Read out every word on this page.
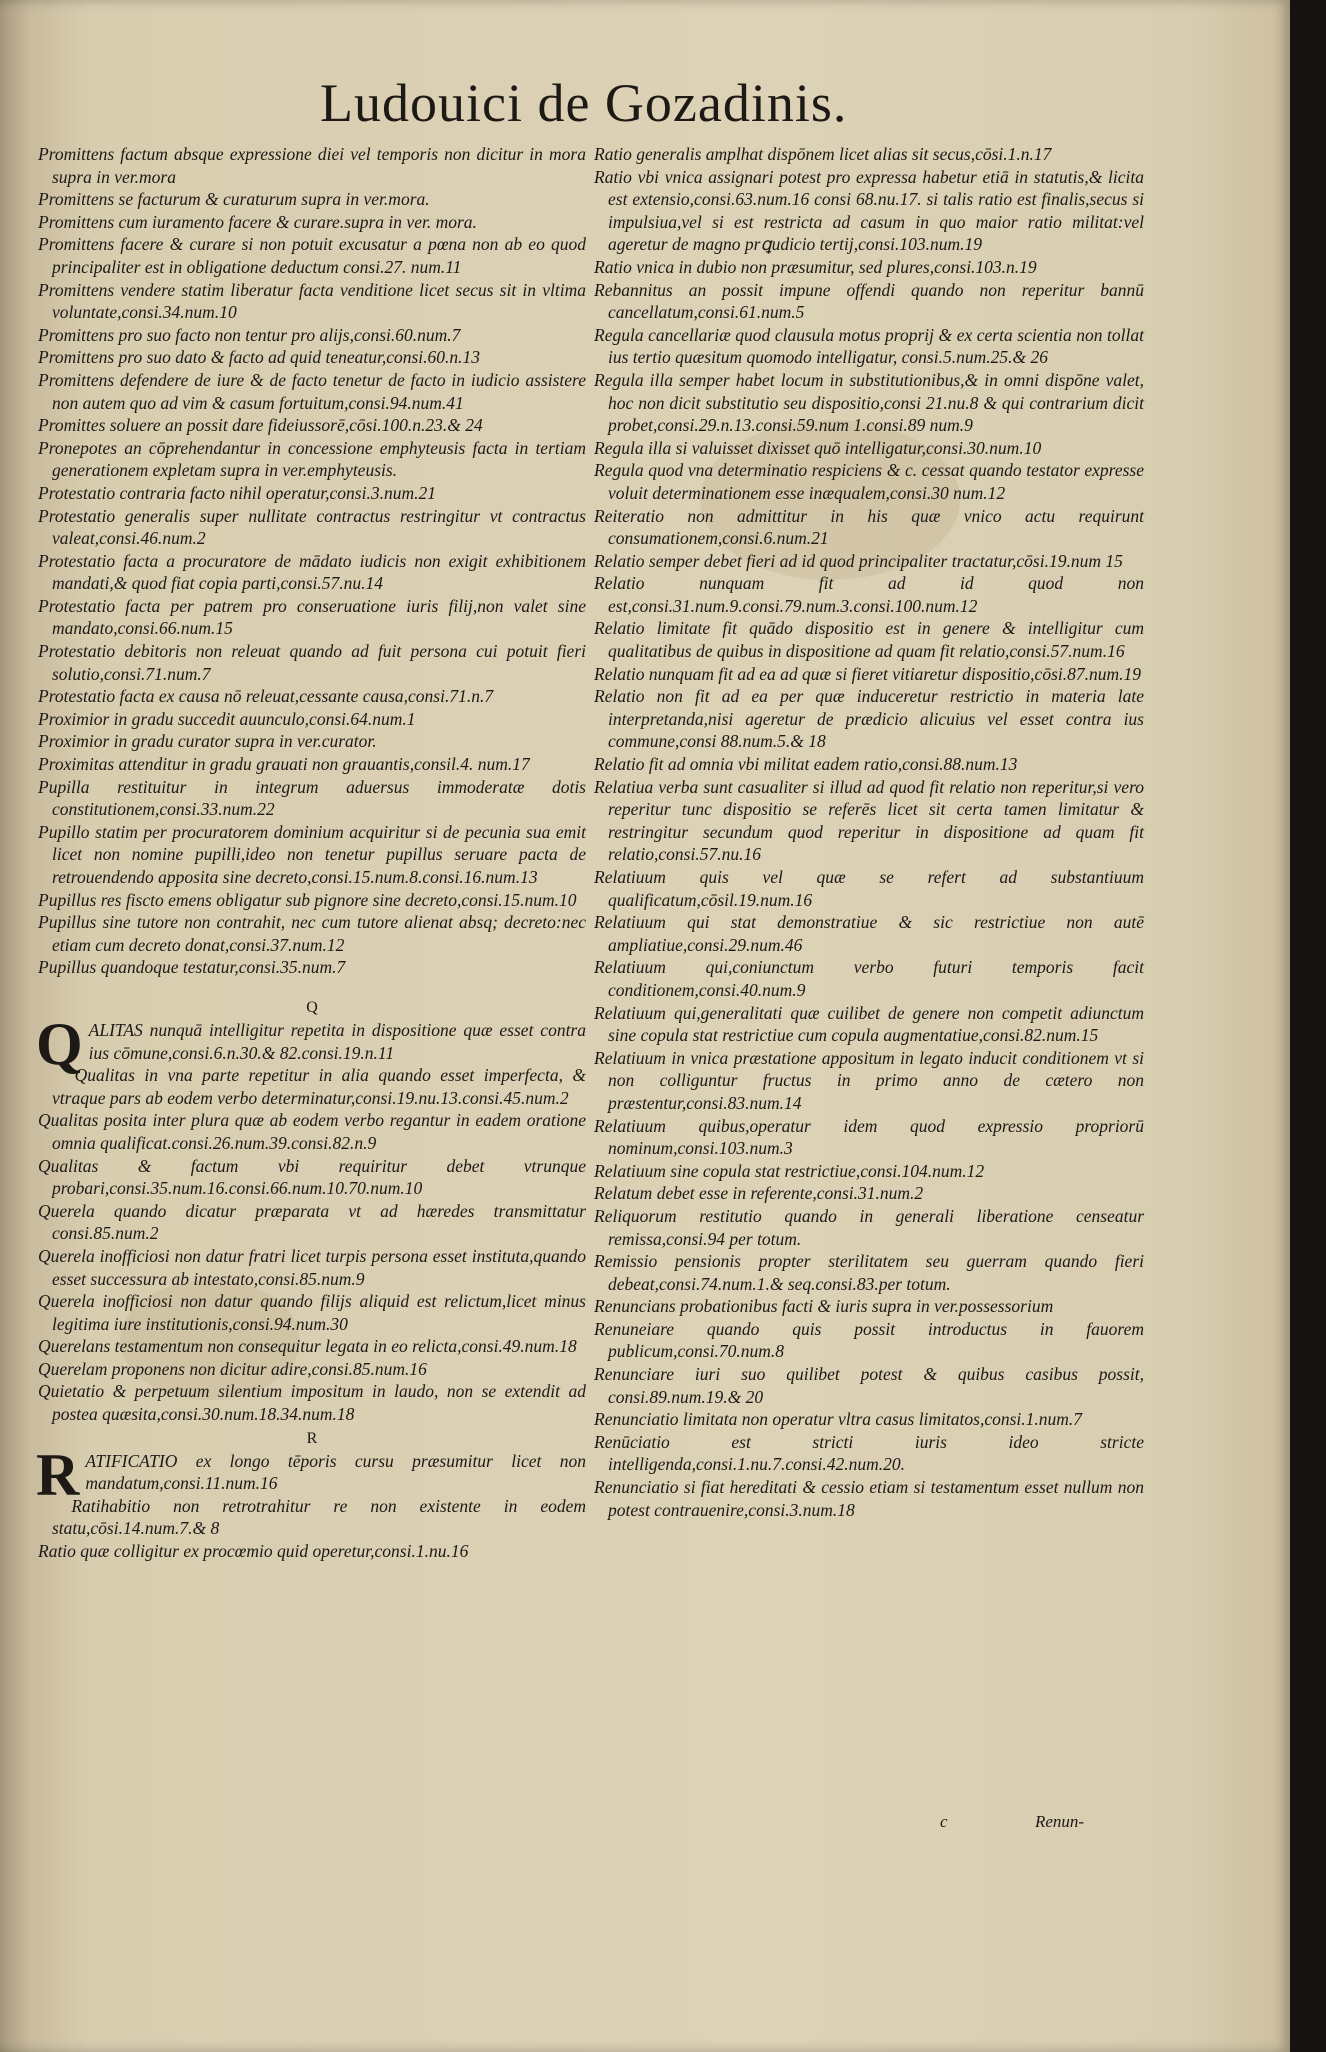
Ludouici de Gozadinis.
Promittens factum absque expressione diei vel temporis non dicitur in mora supra in ver.mora
Promittens se facturum & curaturum supra in ver.mora.
Promittens cum iuramento facere & curare.supra in ver. mora.
Promittens facere & curare si non potuit excusatur a pœna non ab eo quod principaliter est in obligatione deductum consi.27. num.11
Promittens vendere statim liberatur facta venditione licet secus sit in vltima voluntate,consi.34.num.10
Promittens pro suo facto non tentur pro alijs,consi.60.num.7
Promittens pro suo dato & facto ad quid teneatur,consi.60.n.13
Promittens defendere de iure & de facto tenetur de facto in iudicio assistere non autem quo ad vim & casum fortuitum,consi.94.num.41
Promittes soluere an possit dare fideiussorē,cōsi.100.n.23.& 24
Pronepotes an cōprehendantur in concessione emphyteusis facta in tertiam generationem expletam supra in ver.emphyteusis.
Protestatio contraria facto nihil operatur,consi.3.num.21
Protestatio generalis super nullitate contractus restringitur vt contractus valeat,consi.46.num.2
Protestatio facta a procuratore de mādato iudicis non exigit exhibitionem mandati,& quod fiat copia parti,consi.57.nu.14
Protestatio facta per patrem pro conseruatione iuris filij,non valet sine mandato,consi.66.num.15
Protestatio debitoris non releuat quando ad fuit persona cui potuit fieri solutio,consi.71.num.7
Protestatio facta ex causa nō releuat,cessante causa,consi.71.n.7
Proximior in gradu succedit auunculo,consi.64.num.1
Proximior in gradu curator supra in ver.curator.
Proximitas attenditur in gradu grauati non grauantis,consil.4. num.17
Pupilla restituitur in integrum aduersus immoderatæ dotis constitutionem,consi.33.num.22
Pupillo statim per procuratorem dominium acquiritur si de pecunia sua emit licet non nomine pupilli,ideo non tenetur pupillus seruare pacta de retrouendendo apposita sine decreto,consi.15.num.8.consi.16.num.13
Pupillus res fiscto emens obligatur sub pignore sine decreto,consi.15.num.10
Pupillus sine tutore non contrahit, nec cum tutore alienat absq; decreto:nec etiam cum decreto donat,consi.37.num.12
Pupillus quandoque testatur,consi.35.num.7
Q
Q ALITAS nunquā intelligitur repetita in dispositione quæ esset contra ius cōmune,consi.6.n.30.& 82.consi.19.n.11
Qualitas in vna parte repetitur in alia quando esset imperfecta, & vtraque pars ab eodem verbo determinatur,consi.19.nu.13.consi.45.num.2
Qualitas posita inter plura quæ ab eodem verbo regantur in eadem oratione omnia qualificat.consi.26.num.39.consi.82.n.9
Qualitas & factum vbi requiritur debet vtrunque probari,consi.35.num.16.consi.66.num.10.70.num.10
Querela quando dicatur præparata vt ad hæredes transmittatur consi.85.num.2
Querela inofficiosi non datur fratri licet turpis persona esset instituta,quando esset successura ab intestato,consi.85.num.9
Querela inofficiosi non datur quando filijs aliquid est relictum,licet minus legitima iure institutionis,consi.94.num.30
Querelans testamentum non consequitur legata in eo relicta,consi.49.num.18
Querelam proponens non dicitur adire,consi.85.num.16
Quietatio & perpetuum silentium impositum in laudo, non se extendit ad postea quæsita,consi.30.num.18.34.num.18
R
R ATIFICATIO ex longo tēporis cursu præsumitur licet non mandatum,consi.11.num.16
Ratihabitio non retrotrahitur re non existente in eodem statu,cōsi.14.num.7.& 8
Ratio quæ colligitur ex procœmio quid operetur,consi.1.nu.16
Ratio generalis amplhat dispōnem licet alias sit secus,cōsi.1.n.17
Ratio vbi vnica assignari potest pro expressa habetur etiā in statutis,& licita est extensio,consi.63.num.16 consi 68.nu.17. si talis ratio est finalis,secus si impulsiua,vel si est restricta ad casum in quo maior ratio militat:vel ageretur de magno prꝗudicio tertij,consi.103.num.19
Ratio vnica in dubio non præsumitur, sed plures,consi.103.n.19
Rebannitus an possit impune offendi quando non reperitur bannū cancellatum,consi.61.num.5
Regula cancellariæ quod clausula motus proprij & ex certa scientia non tollat ius tertio quæsitum quomodo intelligatur, consi.5.num.25.& 26
Regula illa semper habet locum in substitutionibus,& in omni dispōne valet, hoc non dicit substitutio seu dispositio,consi 21.nu.8 & qui contrarium dicit probet,consi.29.n.13.consi.59.num 1.consi.89 num.9
Regula illa si valuisset dixisset quō intelligatur,consi.30.num.10
Regula quod vna determinatio respiciens & c. cessat quando testator expresse voluit determinationem esse inæqualem,consi.30 num.12
Reiteratio non admittitur in his quæ vnico actu requirunt consumationem,consi.6.num.21
Relatio semper debet fieri ad id quod principaliter tractatur,cōsi.19.num 15
Relatio nunquam fit ad id quod non est,consi.31.num.9.consi.79.num.3.consi.100.num.12
Relatio limitate fit quādo dispositio est in genere & intelligitur cum qualitatibus de quibus in dispositione ad quam fit relatio,consi.57.num.16
Relatio nunquam fit ad ea ad quæ si fieret vitiaretur dispositio,cōsi.87.num.19
Relatio non fit ad ea per quæ induceretur restrictio in materia late interpretanda,nisi ageretur de prædicio alicuius vel esset contra ius commune,consi 88.num.5.& 18
Relatio fit ad omnia vbi militat eadem ratio,consi.88.num.13
Relatiua verba sunt casualiter si illud ad quod fit relatio non reperitur,si vero reperitur tunc dispositio se referēs licet sit certa tamen limitatur & restringitur secundum quod reperitur in dispositione ad quam fit relatio,consi.57.nu.16
Relatiuum quis vel quæ se refert ad substantiuum qualificatum,cōsil.19.num.16
Relatiuum qui stat demonstratiue & sic restrictiue non autē ampliatiue,consi.29.num.46
Relatiuum qui,coniunctum verbo futuri temporis facit conditionem,consi.40.num.9
Relatiuum qui,generalitati quæ cuilibet de genere non competit adiunctum sine copula stat restrictiue cum copula augmentatiue,consi.82.num.15
Relatiuum in vnica præstatione appositum in legato inducit conditionem vt si non colliguntur fructus in primo anno de cætero non præstentur,consi.83.num.14
Relatiuum quibus,operatur idem quod expressio propriorū nominum,consi.103.num.3
Relatiuum sine copula stat restrictiue,consi.104.num.12
Relatum debet esse in referente,consi.31.num.2
Reliquorum restitutio quando in generali liberatione censeatur remissa,consi.94 per totum.
Remissio pensionis propter sterilitatem seu guerram quando fieri debeat,consi.74.num.1.& seq.consi.83.per totum.
Renuncians probationibus facti & iuris supra in ver.possessorium
Renuneiare quando quis possit introductus in fauorem publicum,consi.70.num.8
Renunciare iuri suo quilibet potest & quibus casibus possit, consi.89.num.19.& 20
Renunciatio limitata non operatur vltra casus limitatos,consi.1.num.7
Renūciatio est stricti iuris ideo stricte intelligenda,consi.1.nu.7.consi.42.num.20.
Renunciatio si fiat hereditati & cessio etiam si testamentum esset nullum non potest contrauenire,consi.3.num.18
c	Renun-
